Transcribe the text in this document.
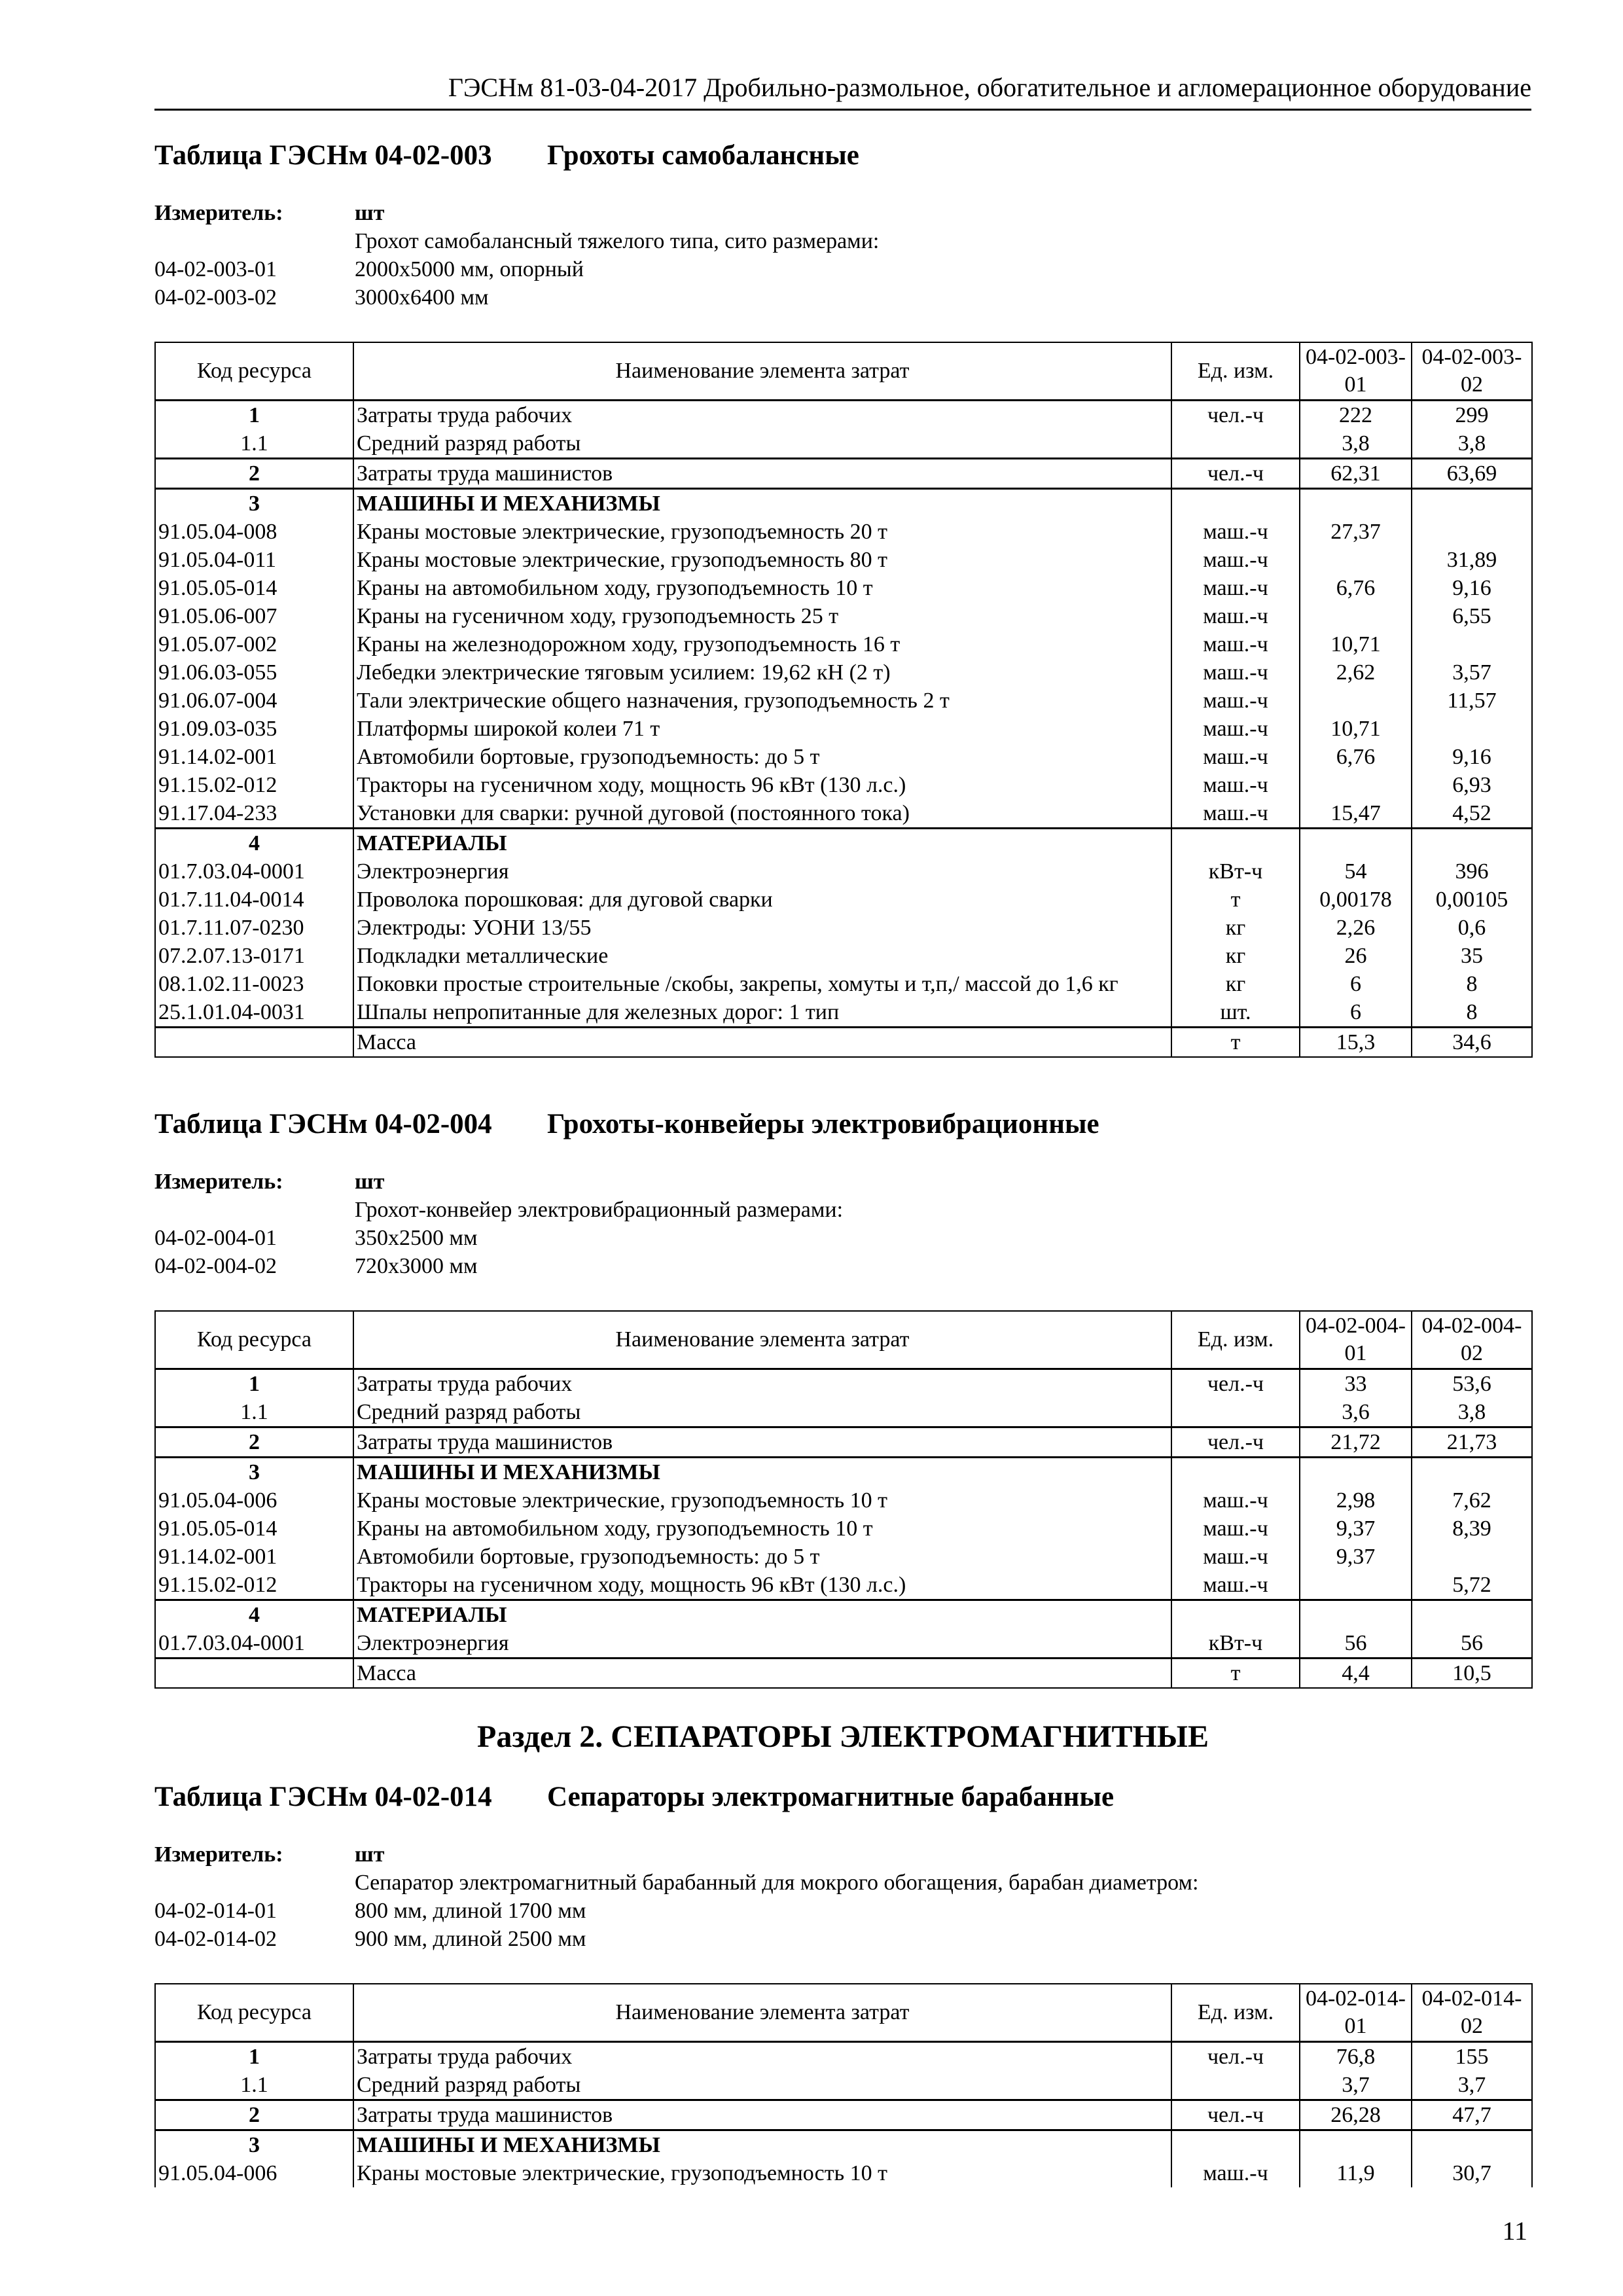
ГЭСНм 81-03-04-2017 Дробильно-размольное, обогатительное и агломерационное оборудование
Таблица ГЭСНм 04-02-003 Грохоты самобалансные
Измеритель:	шт
Грохот самобалансный тяжелого типа, сито размерами:
04-02-003-01	2000х5000 мм, опорный
04-02-003-02	3000х6400 мм
Код ресурса	Наименование элемента затрат	Ед. изм.	04-02-003-01	04-02-003-02
1	Затраты труда рабочих	чел.-ч	222	299
1.1	Средний разряд работы		3,8	3,8
2	Затраты труда машинистов	чел.-ч	62,31	63,69
3	МАШИНЫ И МЕХАНИЗМЫ			
91.05.04-008	Краны мостовые электрические, грузоподъемность 20 т	маш.-ч	27,37	
91.05.04-011	Краны мостовые электрические, грузоподъемность 80 т	маш.-ч		31,89
91.05.05-014	Краны на автомобильном ходу, грузоподъемность 10 т	маш.-ч	6,76	9,16
91.05.06-007	Краны на гусеничном ходу, грузоподъемность 25 т	маш.-ч		6,55
91.05.07-002	Краны на железнодорожном ходу, грузоподъемность 16 т	маш.-ч	10,71	
91.06.03-055	Лебедки электрические тяговым усилием: 19,62 кН (2 т)	маш.-ч	2,62	3,57
91.06.07-004	Тали электрические общего назначения, грузоподъемность 2 т	маш.-ч		11,57
91.09.03-035	Платформы широкой колеи 71 т	маш.-ч	10,71	
91.14.02-001	Автомобили бортовые, грузоподъемность: до 5 т	маш.-ч	6,76	9,16
91.15.02-012	Тракторы на гусеничном ходу, мощность 96 кВт (130 л.с.)	маш.-ч		6,93
91.17.04-233	Установки для сварки: ручной дуговой (постоянного тока)	маш.-ч	15,47	4,52
4	МАТЕРИАЛЫ			
01.7.03.04-0001	Электроэнергия	кВт-ч	54	396
01.7.11.04-0014	Проволока порошковая: для дуговой сварки	т	0,00178	0,00105
01.7.11.07-0230	Электроды: УОНИ 13/55	кг	2,26	0,6
07.2.07.13-0171	Подкладки металлические	кг	26	35
08.1.02.11-0023	Поковки простые строительные /скобы, закрепы, хомуты и т,п,/ массой до 1,6 кг	кг	6	8
25.1.01.04-0031	Шпалы непропитанные для железных дорог: 1 тип	шт.	6	8
	Масса	т	15,3	34,6
Таблица ГЭСНм 04-02-004 Грохоты-конвейеры электровибрационные
Измеритель:	шт
Грохот-конвейер электровибрационный размерами:
04-02-004-01	350х2500 мм
04-02-004-02	720х3000 мм
Код ресурса	Наименование элемента затрат	Ед. изм.	04-02-004-01	04-02-004-02
1	Затраты труда рабочих	чел.-ч	33	53,6
1.1	Средний разряд работы		3,6	3,8
2	Затраты труда машинистов	чел.-ч	21,72	21,73
3	МАШИНЫ И МЕХАНИЗМЫ			
91.05.04-006	Краны мостовые электрические, грузоподъемность 10 т	маш.-ч	2,98	7,62
91.05.05-014	Краны на автомобильном ходу, грузоподъемность 10 т	маш.-ч	9,37	8,39
91.14.02-001	Автомобили бортовые, грузоподъемность: до 5 т	маш.-ч	9,37	
91.15.02-012	Тракторы на гусеничном ходу, мощность 96 кВт (130 л.с.)	маш.-ч		5,72
4	МАТЕРИАЛЫ			
01.7.03.04-0001	Электроэнергия	кВт-ч	56	56
	Масса	т	4,4	10,5
Раздел 2. СЕПАРАТОРЫ ЭЛЕКТРОМАГНИТНЫЕ
Таблица ГЭСНм 04-02-014 Сепараторы электромагнитные барабанные
Измеритель:	шт
Сепаратор электромагнитный барабанный для мокрого обогащения, барабан диаметром:
04-02-014-01	800 мм, длиной 1700 мм
04-02-014-02	900 мм, длиной 2500 мм
Код ресурса	Наименование элемента затрат	Ед. изм.	04-02-014-01	04-02-014-02
1	Затраты труда рабочих	чел.-ч	76,8	155
1.1	Средний разряд работы		3,7	3,7
2	Затраты труда машинистов	чел.-ч	26,28	47,7
3	МАШИНЫ И МЕХАНИЗМЫ			
91.05.04-006	Краны мостовые электрические, грузоподъемность 10 т	маш.-ч	11,9	30,7
11
